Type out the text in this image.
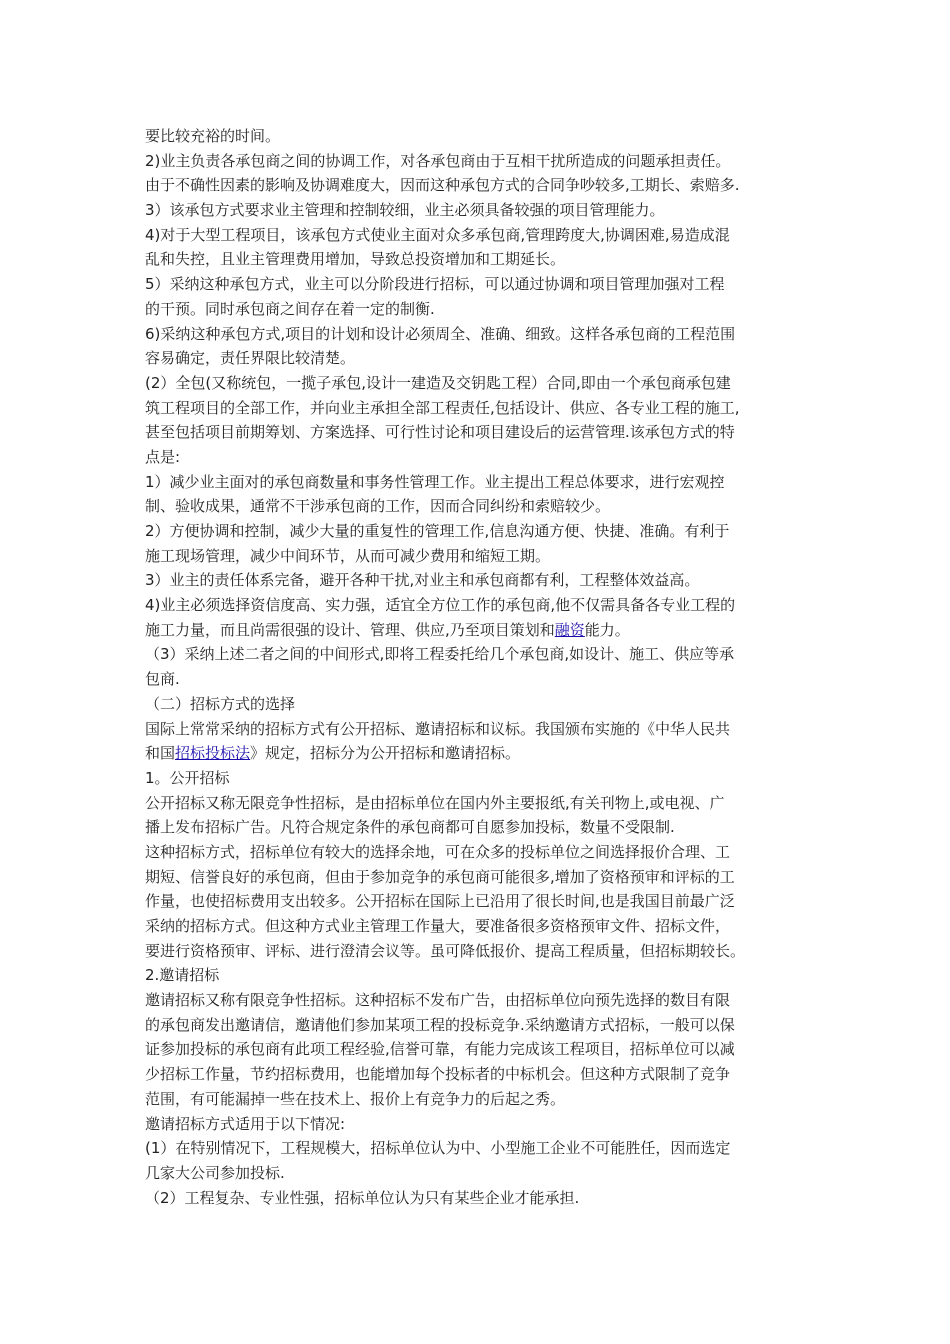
要比较充裕的时间。
2)业主负责各承包商之间的协调工作，对各承包商由于互相干扰所造成的问题承担责任。
由于不确性因素的影响及协调难度大，因而这种承包方式的合同争吵较多,工期长、索赔多.
3）该承包方式要求业主管理和控制较细，业主必须具备较强的项目管理能力。
4)对于大型工程项目，该承包方式使业主面对众多承包商,管理跨度大,协调困难,易造成混
乱和失控，且业主管理费用增加，导致总投资增加和工期延长。
5）采纳这种承包方式，业主可以分阶段进行招标，可以通过协调和项目管理加强对工程
的干预。同时承包商之间存在着一定的制衡.
6)采纳这种承包方式,项目的计划和设计必须周全、准确、细致。这样各承包商的工程范围
容易确定，责任界限比较清楚。
(2）全包(又称统包，一揽子承包,设计一建造及交钥匙工程）合同,即由一个承包商承包建
筑工程项目的全部工作，并向业主承担全部工程责任,包括设计、供应、各专业工程的施工,
甚至包括项目前期筹划、方案选择、可行性讨论和项目建设后的运营管理.该承包方式的特
点是:
1）减少业主面对的承包商数量和事务性管理工作。业主提出工程总体要求，进行宏观控
制、验收成果，通常不干涉承包商的工作，因而合同纠纷和索赔较少。
2）方便协调和控制，减少大量的重复性的管理工作,信息沟通方便、快捷、准确。有利于
施工现场管理，减少中间环节，从而可减少费用和缩短工期。
3）业主的责任体系完备，避开各种干扰,对业主和承包商都有利，工程整体效益高。
4)业主必须选择资信度高、实力强，适宜全方位工作的承包商,他不仅需具备各专业工程的
施工力量，而且尚需很强的设计、管理、供应,乃至项目策划和融资能力。
（3）采纳上述二者之间的中间形式,即将工程委托给几个承包商,如设计、施工、供应等承
包商.
（二）招标方式的选择
国际上常常采纳的招标方式有公开招标、邀请招标和议标。我国颁布实施的《中华人民共
和国招标投标法》规定，招标分为公开招标和邀请招标。
1。公开招标
公开招标又称无限竞争性招标，是由招标单位在国内外主要报纸,有关刊物上,或电视、广
播上发布招标广告。凡符合规定条件的承包商都可自愿参加投标，数量不受限制.
这种招标方式，招标单位有较大的选择余地，可在众多的投标单位之间选择报价合理、工
期短、信誉良好的承包商，但由于参加竞争的承包商可能很多,增加了资格预审和评标的工
作量，也使招标费用支出较多。公开招标在国际上已沿用了很长时间,也是我国目前最广泛
采纳的招标方式。但这种方式业主管理工作量大，要准备很多资格预审文件、招标文件，
要进行资格预审、评标、进行澄清会议等。虽可降低报价、提高工程质量，但招标期较长。
2.邀请招标
邀请招标又称有限竞争性招标。这种招标不发布广告，由招标单位向预先选择的数目有限
的承包商发出邀请信，邀请他们参加某项工程的投标竞争.采纳邀请方式招标，一般可以保
证参加投标的承包商有此项工程经验,信誉可靠，有能力完成该工程项目，招标单位可以减
少招标工作量，节约招标费用，也能增加每个投标者的中标机会。但这种方式限制了竞争
范围，有可能漏掉一些在技术上、报价上有竞争力的后起之秀。
邀请招标方式适用于以下情况:
(1）在特别情况下，工程规模大，招标单位认为中、小型施工企业不可能胜任，因而选定
几家大公司参加投标.
（2）工程复杂、专业性强，招标单位认为只有某些企业才能承担.
